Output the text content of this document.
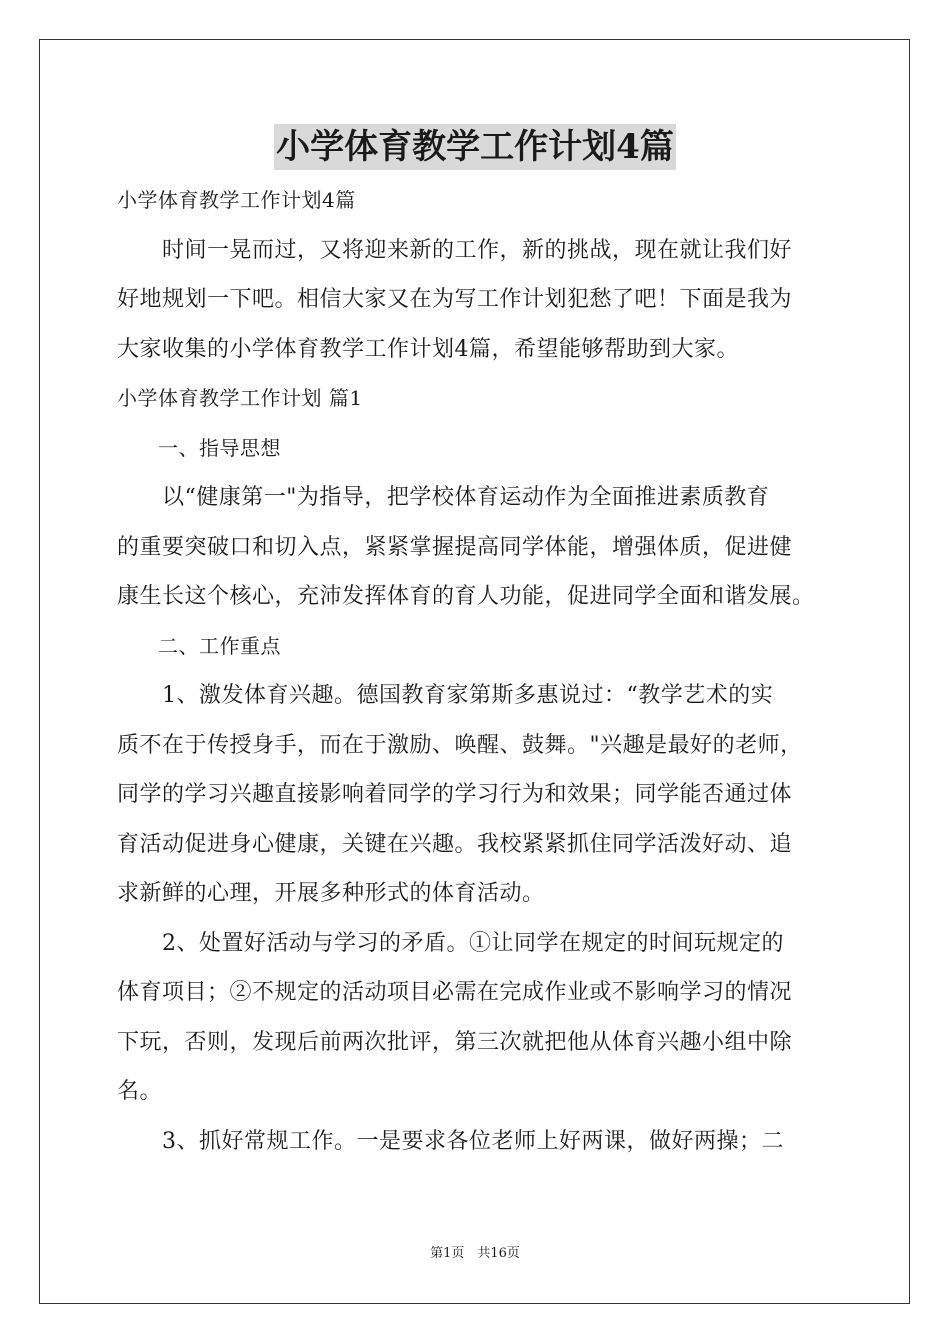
小学体育教学工作计划4篇
小学体育教学工作计划4篇
　　时间一晃而过，又将迎来新的工作，新的挑战，现在就让我们好
好地规划一下吧。相信大家又在为写工作计划犯愁了吧！下面是我为
大家收集的小学体育教学工作计划4篇，希望能够帮助到大家。
小学体育教学工作计划 篇1
　　一、指导思想
　　以“健康第一"为指导，把学校体育运动作为全面推进素质教育
的重要突破口和切入点，紧紧掌握提高同学体能，增强体质，促进健
康生长这个核心，充沛发挥体育的育人功能，促进同学全面和谐发展。
　　二、工作重点
　　1、激发体育兴趣。德国教育家第斯多惠说过：“教学艺术的实
质不在于传授身手，而在于激励、唤醒、鼓舞。"兴趣是最好的老师，
同学的学习兴趣直接影响着同学的学习行为和效果；同学能否通过体
育活动促进身心健康，关键在兴趣。我校紧紧抓住同学活泼好动、追
求新鲜的心理，开展多种形式的体育活动。
　　2、处置好活动与学习的矛盾。①让同学在规定的时间玩规定的
体育项目；②不规定的活动项目必需在完成作业或不影响学习的情况
下玩，否则，发现后前两次批评，第三次就把他从体育兴趣小组中除
名。
　　3、抓好常规工作。一是要求各位老师上好两课，做好两操；二
第1页　共16页
